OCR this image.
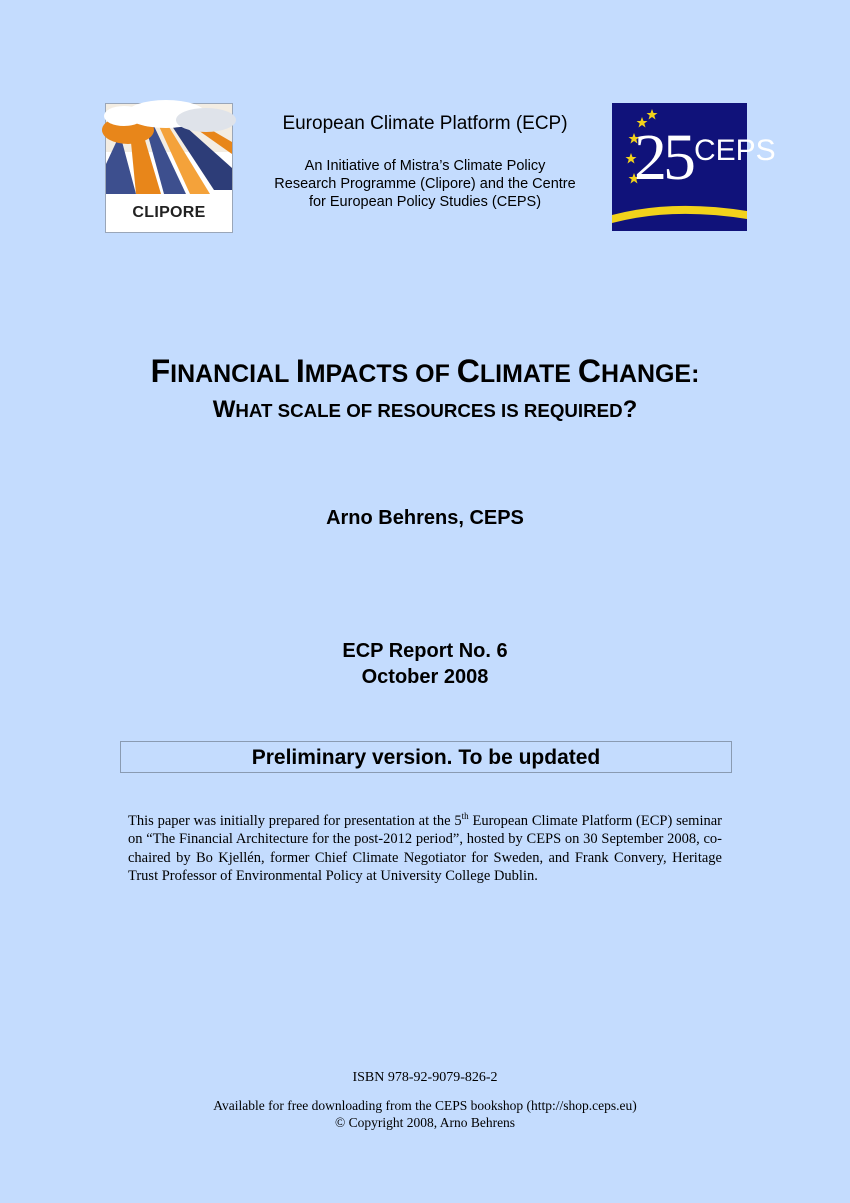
CLIPORE
European Climate Platform (ECP)
An Initiative of Mistra’s Climate Policy
Research Programme (Clipore) and the Centre
for European Policy Studies (CEPS)
25 CEPS
FINANCIAL IMPACTS OF CLIMATE CHANGE:
WHAT SCALE OF RESOURCES IS REQUIRED?
Arno Behrens, CEPS
ECP Report No. 6
October 2008
Preliminary version. To be updated
This paper was initially prepared for presentation at the 5th European Climate Platform (ECP) seminar on “The Financial Architecture for the post-2012 period”, hosted by CEPS on 30 September 2008, co-chaired by Bo Kjellén, former Chief Climate Negotiator for Sweden, and Frank Convery, Heritage Trust Professor of Environmental Policy at University College Dublin.
ISBN 978-92-9079-826-2
Available for free downloading from the CEPS bookshop (http://shop.ceps.eu)
© Copyright 2008, Arno Behrens
